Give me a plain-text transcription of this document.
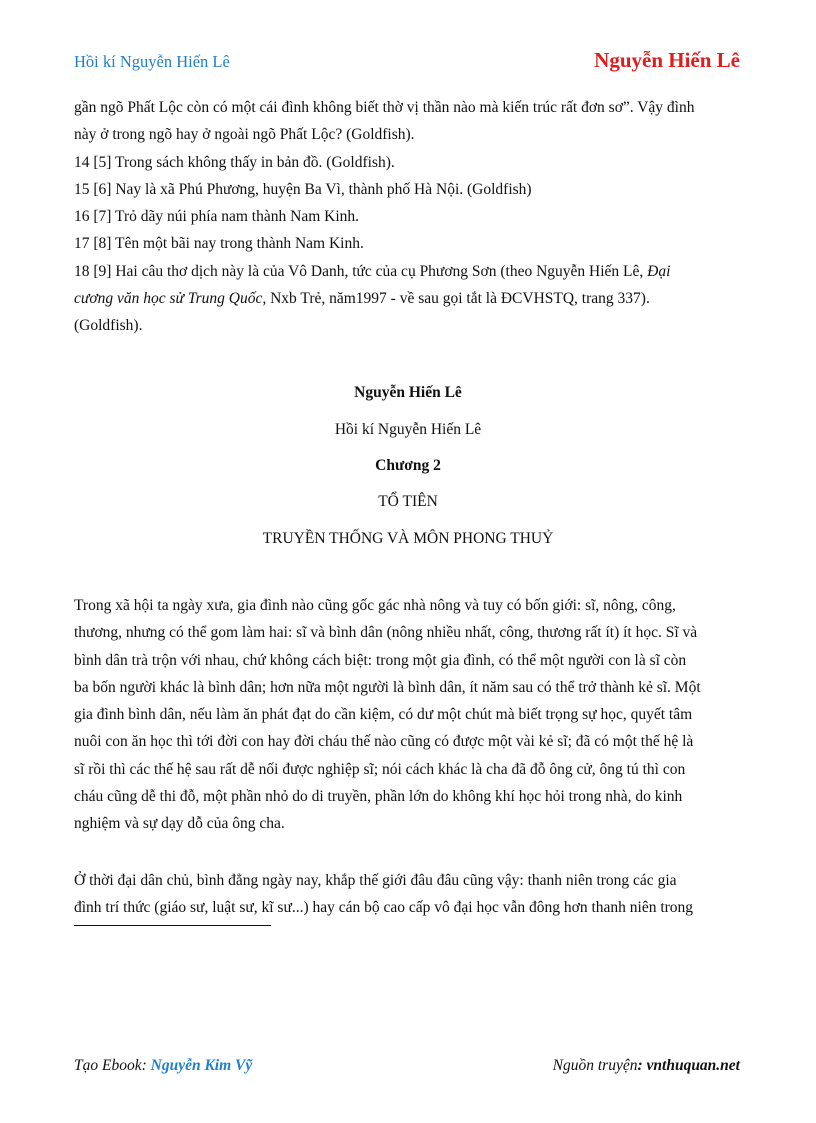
Hồi kí Nguyễn Hiến Lê	Nguyễn Hiến Lê
gần ngõ Phất Lộc còn có một cái đình không biết thờ vị thần nào mà kiến trúc rất đơn sơ”. Vậy đình
này ở trong ngõ hay ở ngoài ngõ Phất Lộc? (Goldfish).
14 [5] Trong sách không thấy in bản đồ. (Goldfish).
15 [6] Nay là xã Phú Phương, huyện Ba Vì, thành phố Hà Nội. (Goldfish)
16 [7] Trỏ dãy núi phía nam thành Nam Kinh.
17 [8] Tên một bãi nay trong thành Nam Kinh.
18 [9] Hai câu thơ dịch này là của Vô Danh, tức của cụ Phương Sơn (theo Nguyễn Hiến Lê, Đại
cương văn học sử Trung Quốc, Nxb Trẻ, năm1997 - về sau gọi tắt là ĐCVHSTQ, trang 337).
(Goldfish).
Nguyễn Hiến Lê
Hồi kí Nguyễn Hiến Lê
Chương 2
TỔ TIÊN
TRUYỀN THỐNG VÀ MÔN PHONG THUỶ
Trong xã hội ta ngày xưa, gia đình nào cũng gốc gác nhà nông và tuy có bốn giới: sĩ, nông, công,
thương, nhưng có thể gom làm hai: sĩ và bình dân (nông nhiều nhất, công, thương rất ít) ít học. Sĩ và
bình dân trà trộn với nhau, chứ không cách biệt: trong một gia đình, có thể một người con là sĩ còn
ba bốn người khác là bình dân; hơn nữa một người là bình dân, ít năm sau có thể trở thành kẻ sĩ. Một
gia đình bình dân, nếu làm ăn phát đạt do cần kiệm, có dư một chút mà biết trọng sự học, quyết tâm
nuôi con ăn học thì tới đời con hay đời cháu thế nào cũng có được một vài kẻ sĩ; đã có một thế hệ là
sĩ rồi thì các thế hệ sau rất dễ nối được nghiệp sĩ; nói cách khác là cha đã đỗ ông cử, ông tú thì con
cháu cũng dễ thi đỗ, một phần nhỏ do di truyền, phần lớn do không khí học hỏi trong nhà, do kinh
nghiệm và sự dạy dỗ của ông cha.
Ở thời đại dân chủ, bình đẳng ngày nay, khắp thế giới đâu đâu cũng vậy: thanh niên trong các gia
đình trí thức (giáo sư, luật sư, kĩ sư...) hay cán bộ cao cấp vô đại học vẫn đông hơn thanh niên trong
Tạo Ebook: Nguyễn Kim Vỹ	Nguồn truyện: vnthuquan.net
